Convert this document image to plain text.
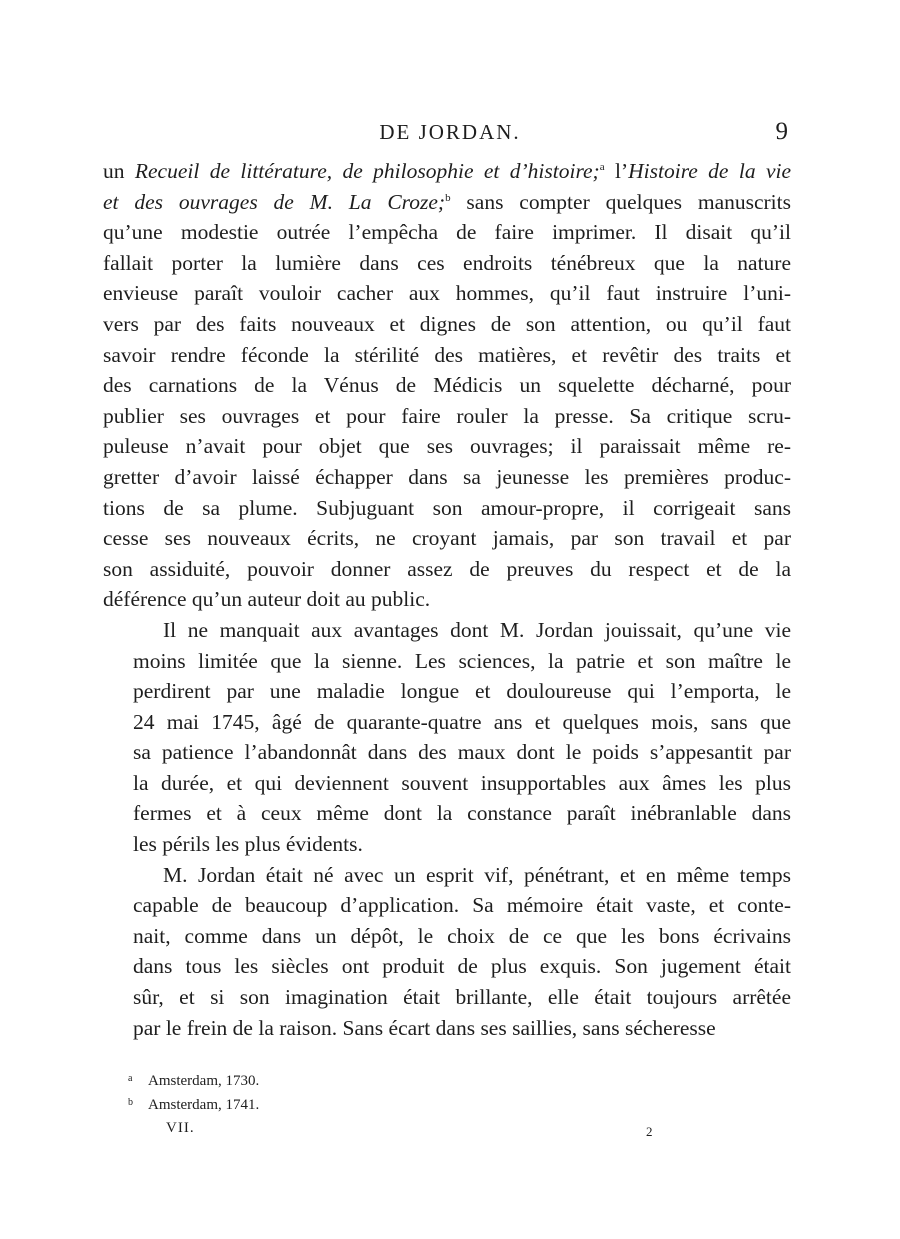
DE JORDAN.	9

un Recueil de littérature, de philosophie et d’histoire;$^a$ l’Histoire de la vie
et des ouvrages de M. La Croze;$^b$ sans compter quelques manuscrits
qu’une modestie outrée l’empêcha de faire imprimer. Il disait qu’il
fallait porter la lumière dans ces endroits ténébreux que la nature
envieuse paraît vouloir cacher aux hommes, qu’il faut instruire l’uni-
vers par des faits nouveaux et dignes de son attention, ou qu’il faut
savoir rendre féconde la stérilité des matières, et revêtir des traits et
des carnations de la Vénus de Médicis un squelette décharné, pour
publier ses ouvrages et pour faire rouler la presse. Sa critique scru-
puleuse n’avait pour objet que ses ouvrages; il paraissait même re-
gretter d’avoir laissé échapper dans sa jeunesse les premières produc-
tions de sa plume. Subjuguant son amour-propre, il corrigeait sans
cesse ses nouveaux écrits, ne croyant jamais, par son travail et par
son assiduité, pouvoir donner assez de preuves du respect et de la
déférence qu’un auteur doit au public.

Il ne manquait aux avantages dont M. Jordan jouissait, qu’une vie
moins limitée que la sienne. Les sciences, la patrie et son maître le
perdirent par une maladie longue et douloureuse qui l’emporta, le
24 mai 1745, âgé de quarante-quatre ans et quelques mois, sans que
sa patience l’abandonnât dans des maux dont le poids s’appesantit par
la durée, et qui deviennent souvent insupportables aux âmes les plus
fermes et à ceux même dont la constance paraît inébranlable dans
les périls les plus évidents.

M. Jordan était né avec un esprit vif, pénétrant, et en même temps
capable de beaucoup d’application. Sa mémoire était vaste, et conte-
nait, comme dans un dépôt, le choix de ce que les bons écrivains
dans tous les siècles ont produit de plus exquis. Son jugement était
sûr, et si son imagination était brillante, elle était toujours arrêtée
par le frein de la raison. Sans écart dans ses saillies, sans sécheresse

a Amsterdam, 1730.
b Amsterdam, 1741.
VII.	2
